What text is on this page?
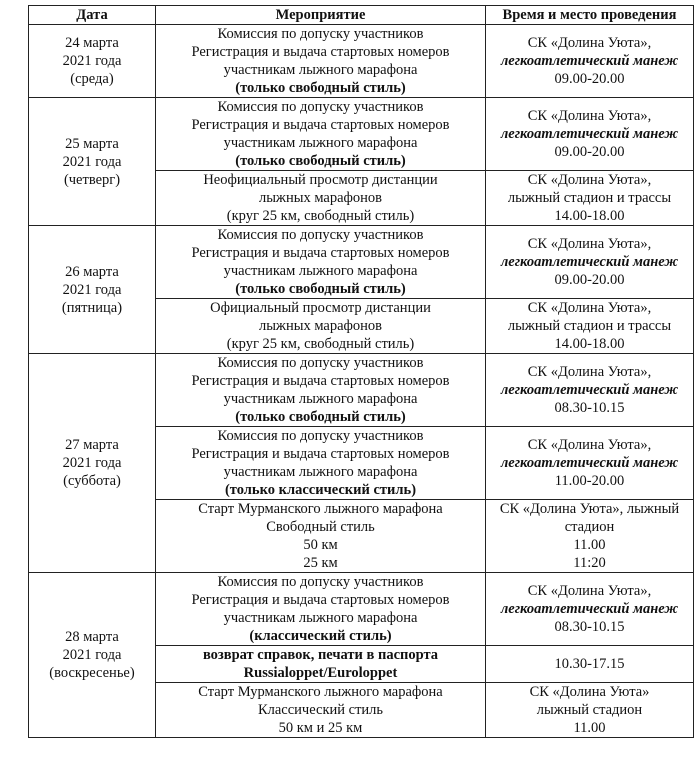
Дата	Мероприятие	Время и место проведения

24 марта
2021 года
(среда)	Комиссия по допуску участников
Регистрация и выдача стартовых номеров
участникам лыжного марафона
(только свободный стиль)	СК «Долина Уюта»,
легкоатлетический манеж
09.00-20.00

25 марта
2021 года
(четверг)	Комиссия по допуску участников
Регистрация и выдача стартовых номеров
участникам лыжного марафона
(только свободный стиль)	СК «Долина Уюта»,
легкоатлетический манеж
09.00-20.00

	Неофициальный просмотр дистанции
лыжных марафонов
(круг 25 км, свободный стиль)	СК «Долина Уюта»,
лыжный стадион и трассы
14.00-18.00

26 марта
2021 года
(пятница)	Комиссия по допуску участников
Регистрация и выдача стартовых номеров
участникам лыжного марафона
(только свободный стиль)	СК «Долина Уюта»,
легкоатлетический манеж
09.00-20.00

	Официальный просмотр дистанции
лыжных марафонов
(круг 25 км, свободный стиль)	СК «Долина Уюта»,
лыжный стадион и трассы
14.00-18.00

27 марта
2021 года
(суббота)	Комиссия по допуску участников
Регистрация и выдача стартовых номеров
участникам лыжного марафона
(только свободный стиль)	СК «Долина Уюта»,
легкоатлетический манеж
08.30-10.15

	Комиссия по допуску участников
Регистрация и выдача стартовых номеров
участникам лыжного марафона
(только классический стиль)	СК «Долина Уюта»,
легкоатлетический манеж
11.00-20.00

	Старт Мурманского лыжного марафона
Свободный стиль
50 км
25 км	СК «Долина Уюта», лыжный
стадион
11.00
11:20

28 марта
2021 года
(воскресенье)	Комиссия по допуску участников
Регистрация и выдача стартовых номеров
участникам лыжного марафона
(классический стиль)	СК «Долина Уюта»,
легкоатлетический манеж
08.30-10.15

	возврат справок, печати в паспорта
Russialoppet/Euroloppet	10.30-17.15

	Старт Мурманского лыжного марафона
Классический стиль
50 км и 25 км	СК «Долина Уюта»
лыжный стадион
11.00
